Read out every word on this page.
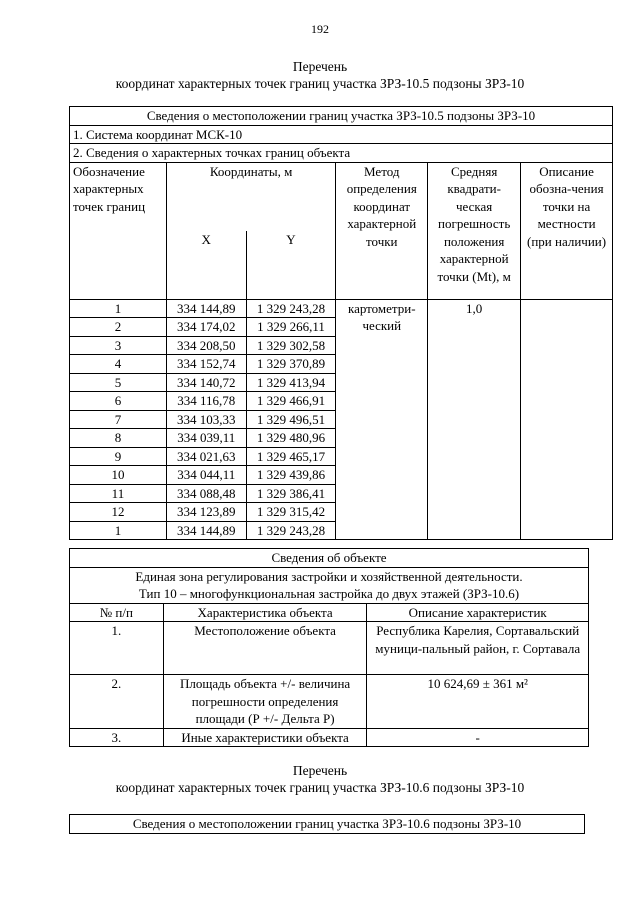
192
Перечень
координат характерных точек границ участка ЗРЗ-10.5 подзоны ЗРЗ-10
Сведения о местоположении границ участка ЗРЗ-10.5 подзоны ЗРЗ-10					
1. Система координат МСК-10					
2. Сведения о характерных точках границ объекта					
Обозначение характерных точек границ	Координаты, м		Метод определения координат характерной точки	Средняя квадрати-ческая погрешность положения характерной точки (Mt), м	Описание обозна-чения точки на местности (при наличии)
	X	Y			
1	334 144,89	1 329 243,28	картометри-ческий	1,0	
2	334 174,02	1 329 266,11			
3	334 208,50	1 329 302,58			
4	334 152,74	1 329 370,89			
5	334 140,72	1 329 413,94			
6	334 116,78	1 329 466,91			
7	334 103,33	1 329 496,51			
8	334 039,11	1 329 480,96			
9	334 021,63	1 329 465,17			
10	334 044,11	1 329 439,86			
11	334 088,48	1 329 386,41			
12	334 123,89	1 329 315,42			
1	334 144,89	1 329 243,28			
Сведения об объекте		

Единая зона регулирования застройки и хозяйственной деятельности.
Тип 10 – многофункциональная застройка до двух этажей (ЗРЗ-10.6)		

№ п/п	Характеристика объекта	Описание характеристик
1.	Местоположение объекта	Республика Карелия, Сортавальский муници-пальный район, г. Сортавала
2.	Площадь объекта +/- величина погрешности определения площади (Р +/- Дельта Р)	10 624,69 ± 361 м²
3.	Иные характеристики объекта	-
Перечень
координат характерных точек границ участка ЗРЗ-10.6 подзоны ЗРЗ-10
Сведения о местоположении границ участка ЗРЗ-10.6 подзоны ЗРЗ-10
